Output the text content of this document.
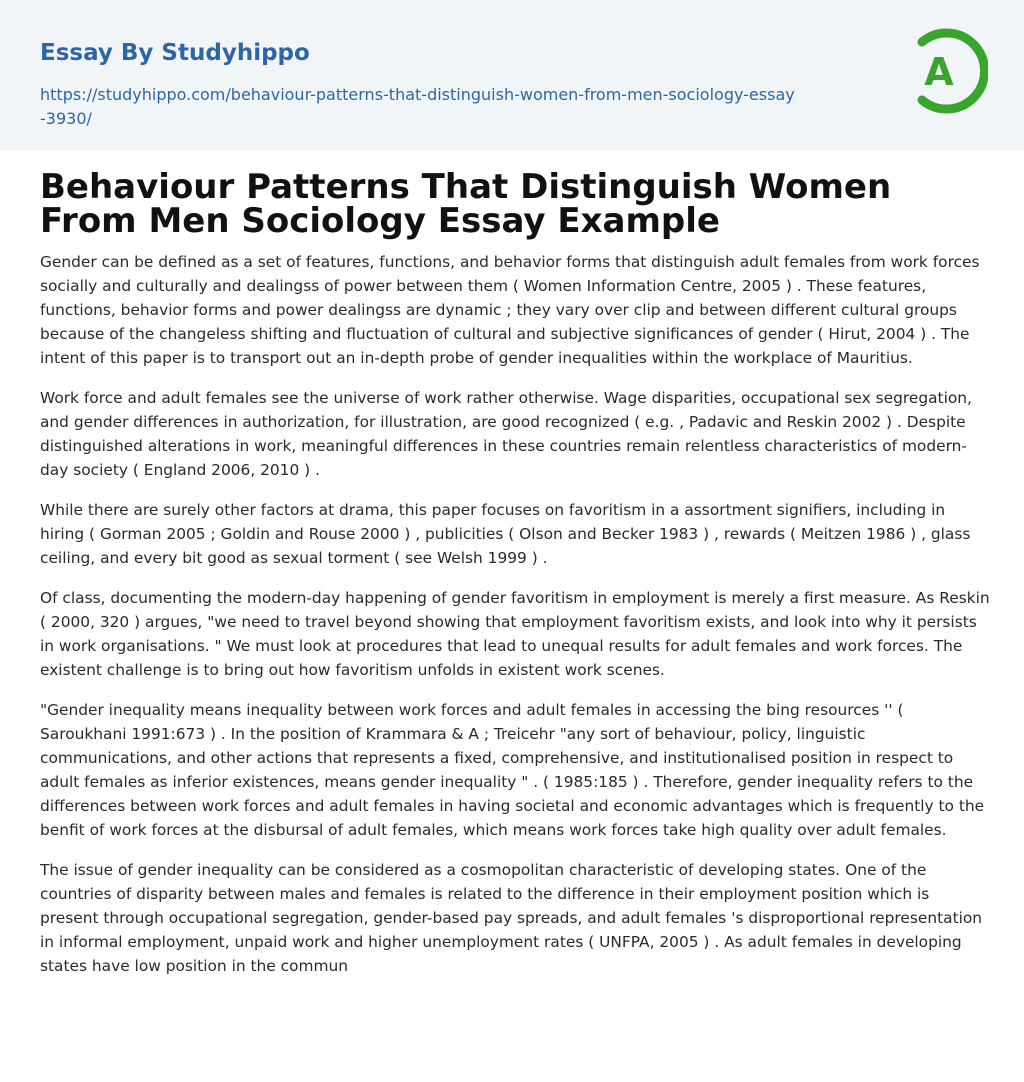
Essay By Studyhippo
https://studyhippo.com/behaviour-patterns-that-distinguish-women-from-men-sociology-essay-3930/
A
Behaviour Patterns That Distinguish Women From Men Sociology Essay Example

Gender can be defined as a set of features, functions, and behavior forms that distinguish adult females from work forces socially and culturally and dealingss of power between them ( Women Information Centre, 2005 ) . These features, functions, behavior forms and power dealingss are dynamic ; they vary over clip and between different cultural groups because of the changeless shifting and fluctuation of cultural and subjective significances of gender ( Hirut, 2004 ) . The intent of this paper is to transport out an in-depth probe of gender inequalities within the workplace of Mauritius.

Work force and adult females see the universe of work rather otherwise. Wage disparities, occupational sex segregation, and gender differences in authorization, for illustration, are good recognized ( e.g. , Padavic and Reskin 2002 ) . Despite distinguished alterations in work, meaningful differences in these countries remain relentless characteristics of modern-day society ( England 2006, 2010 ) .

While there are surely other factors at drama, this paper focuses on favoritism in a assortment signifiers, including in hiring ( Gorman 2005 ; Goldin and Rouse 2000 ) , publicities ( Olson and Becker 1983 ) , rewards ( Meitzen 1986 ) , glass ceiling, and every bit good as sexual torment ( see Welsh 1999 ) .

Of class, documenting the modern-day happening of gender favoritism in employment is merely a first measure. As Reskin ( 2000, 320 ) argues, "we need to travel beyond showing that employment favoritism exists, and look into why it persists in work organisations. " We must look at procedures that lead to unequal results for adult females and work forces. The existent challenge is to bring out how favoritism unfolds in existent work scenes.

"Gender inequality means inequality between work forces and adult females in accessing the bing resources '' ( Saroukhani 1991:673 ) . In the position of Krammara & A ; Treicehr "any sort of behaviour, policy, linguistic communications, and other actions that represents a fixed, comprehensive, and institutionalised position in respect to adult females as inferior existences, means gender inequality " . ( 1985:185 ) . Therefore, gender inequality refers to the differences between work forces and adult females in having societal and economic advantages which is frequently to the benfit of work forces at the disbursal of adult females, which means work forces take high quality over adult females.

The issue of gender inequality can be considered as a cosmopolitan characteristic of developing states. One of the countries of disparity between males and females is related to the difference in their employment position which is present through occupational segregation, gender-based pay spreads, and adult females 's disproportional representation in informal employment, unpaid work and higher unemployment rates ( UNFPA, 2005 ) . As adult females in developing states have low position in the commun
